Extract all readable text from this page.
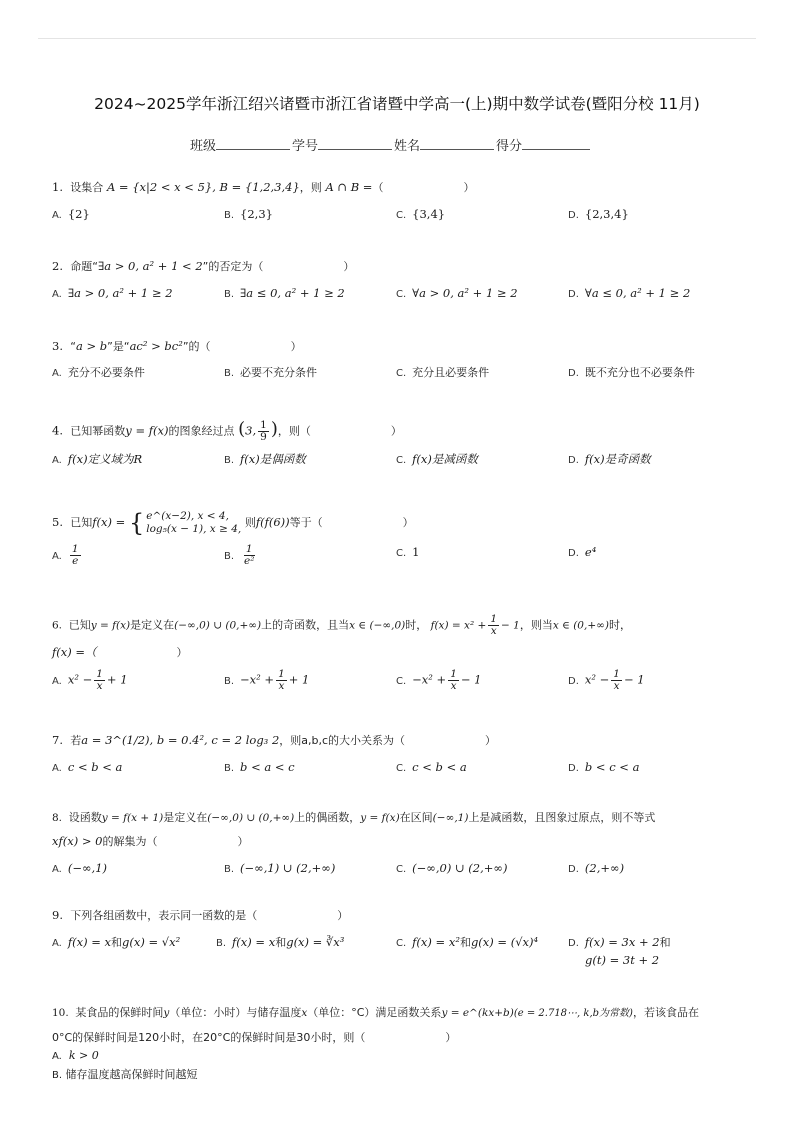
2024~2025学年浙江绍兴诸暨市浙江省诸暨中学高一(上)期中数学试卷(暨阳分校 11月)
班级	学号	姓名	得分
1. 设集合 A = {x|2 < x < 5}, B = {1,2,3,4}，则 A ∩ B =（	）
A. {2}	B. {2,3}	C. {3,4}	D. {2,3,4}
2. 命题“∃a > 0, a² + 1 < 2”的否定为（	）
A. ∃a > 0, a² + 1 ≥ 2	B. ∃a ≤ 0, a² + 1 ≥ 2	C. ∀a > 0, a² + 1 ≥ 2	D. ∀a ≤ 0, a² + 1 ≥ 2
3. “a > b”是“ac² > bc²”的（	）
A. 充分不必要条件	B. 必要不充分条件	C. 充分且必要条件	D. 既不充分也不必要条件
4. 已知幂函数y = f(x)的图象经过点 (3, $\frac{1}{9}$ )，则（	）
A. f(x)定义域为R	B. f(x)是偶函数	C. f(x)是减函数	D. f(x)是奇函数
5. 已知f(x) = { e^(x−2), x < 4,
log₅(x − 1), x ≥ 4, 则f(f(6))等于（	）
A. $\frac{1}{e}$	B. $\frac{1}{\text{e²}}$	C. 1	D. e⁴
6. 已知y = f(x)是定义在(−∞,0) ∪ (0,+∞)上的奇函数，且当x ∈ (−∞,0)时， $f(x) = x^2 + \frac{1}{x} - 1$，则当x ∈ (0,+∞)时，
f(x) =（	）
A. $x^2 - \frac{1}{x} + 1$	B. $-x^2 + \frac{1}{x} + 1$	C. $-x^2 + \frac{1}{x} - 1$	D. $x^2 - \frac{1}{x} - 1$
7. 若a = 3^(1/2), b = 0.4², c = 2 log₃ 2，则a,b,c的大小关系为（	）
A. c < b < a	B. b < a < c	C. c < b < a	D. b < c < a
8. 设函数y = f(x + 1)是定义在(−∞,0) ∪ (0,+∞)上的偶函数，y = f(x)在区间(−∞,1)上是减函数，且图象过原点，则不等式
xf(x) > 0的解集为（	）
A. (−∞,1)	B. (−∞,1) ∪ (2,+∞)	C. (−∞,0) ∪ (2,+∞)	D. (2,+∞)
9. 下列各组函数中，表示同一函数的是（	）
A. f(x) = x和g(x) = √x²	B. f(x) = x和g(x) = ∛x³	C. f(x) = x²和g(x) = (√x)⁴	D. f(x) = 3x + 2和
g(t) = 3t + 2
10. 某食品的保鲜时间y（单位：小时）与储存温度x（单位：°C）满足函数关系y = e^(kx+b)(e = 2.718⋯, k,b为常数)，若该食品在
0°C的保鲜时间是120小时，在20°C的保鲜时间是30小时，则（	）
A. k > 0
B. 储存温度越高保鲜时间越短
